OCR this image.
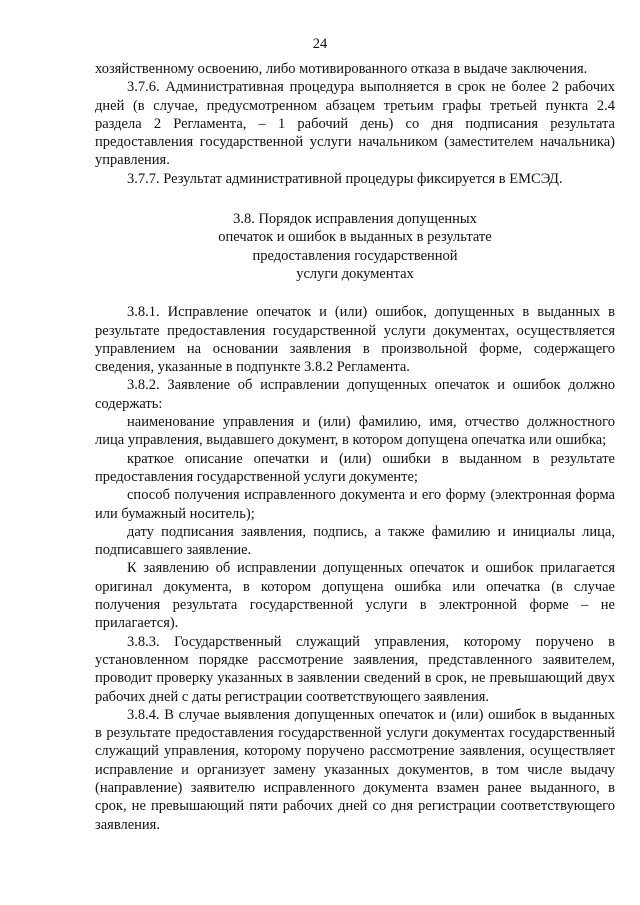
24

хозяйственному освоению, либо мотивированного отказа в выдаче заключения.

3.7.6. Административная процедура выполняется в срок не более 2 рабочих дней (в случае, предусмотренном абзацем третьим графы третьей пункта 2.4 раздела 2 Регламента, – 1 рабочий день) со дня подписания результата предоставления государственной услуги начальником (заместителем начальника) управления.

3.7.7. Результат административной процедуры фиксируется в ЕМСЭД.

3.8. Порядок исправления допущенных
опечаток и ошибок в выданных в результате
предоставления государственной
услуги документах

3.8.1. Исправление опечаток и (или) ошибок, допущенных в выданных в результате предоставления государственной услуги документах, осуществляется управлением на основании заявления в произвольной форме, содержащего сведения, указанные в подпункте 3.8.2 Регламента.

3.8.2. Заявление об исправлении допущенных опечаток и ошибок должно содержать:

наименование управления и (или) фамилию, имя, отчество должностного лица управления, выдавшего документ, в котором допущена опечатка или ошибка;

краткое описание опечатки и (или) ошибки в выданном в результате предоставления государственной услуги документе;

способ получения исправленного документа и его форму (электронная форма или бумажный носитель);

дату подписания заявления, подпись, а также фамилию и инициалы лица, подписавшего заявление.

К заявлению об исправлении допущенных опечаток и ошибок прилагается оригинал документа, в котором допущена ошибка или опечатка (в случае получения результата государственной услуги в электронной форме – не прилагается).

3.8.3. Государственный служащий управления, которому поручено в установленном порядке рассмотрение заявления, представленного заявителем, проводит проверку указанных в заявлении сведений в срок, не превышающий двух рабочих дней с даты регистрации соответствующего заявления.

3.8.4. В случае выявления допущенных опечаток и (или) ошибок в выданных в результате предоставления государственной услуги документах государственный служащий управления, которому поручено рассмотрение заявления, осуществляет исправление и организует замену указанных документов, в том числе выдачу (направление) заявителю исправленного документа взамен ранее выданного, в срок, не превышающий пяти рабочих дней со дня регистрации соответствующего заявления.
